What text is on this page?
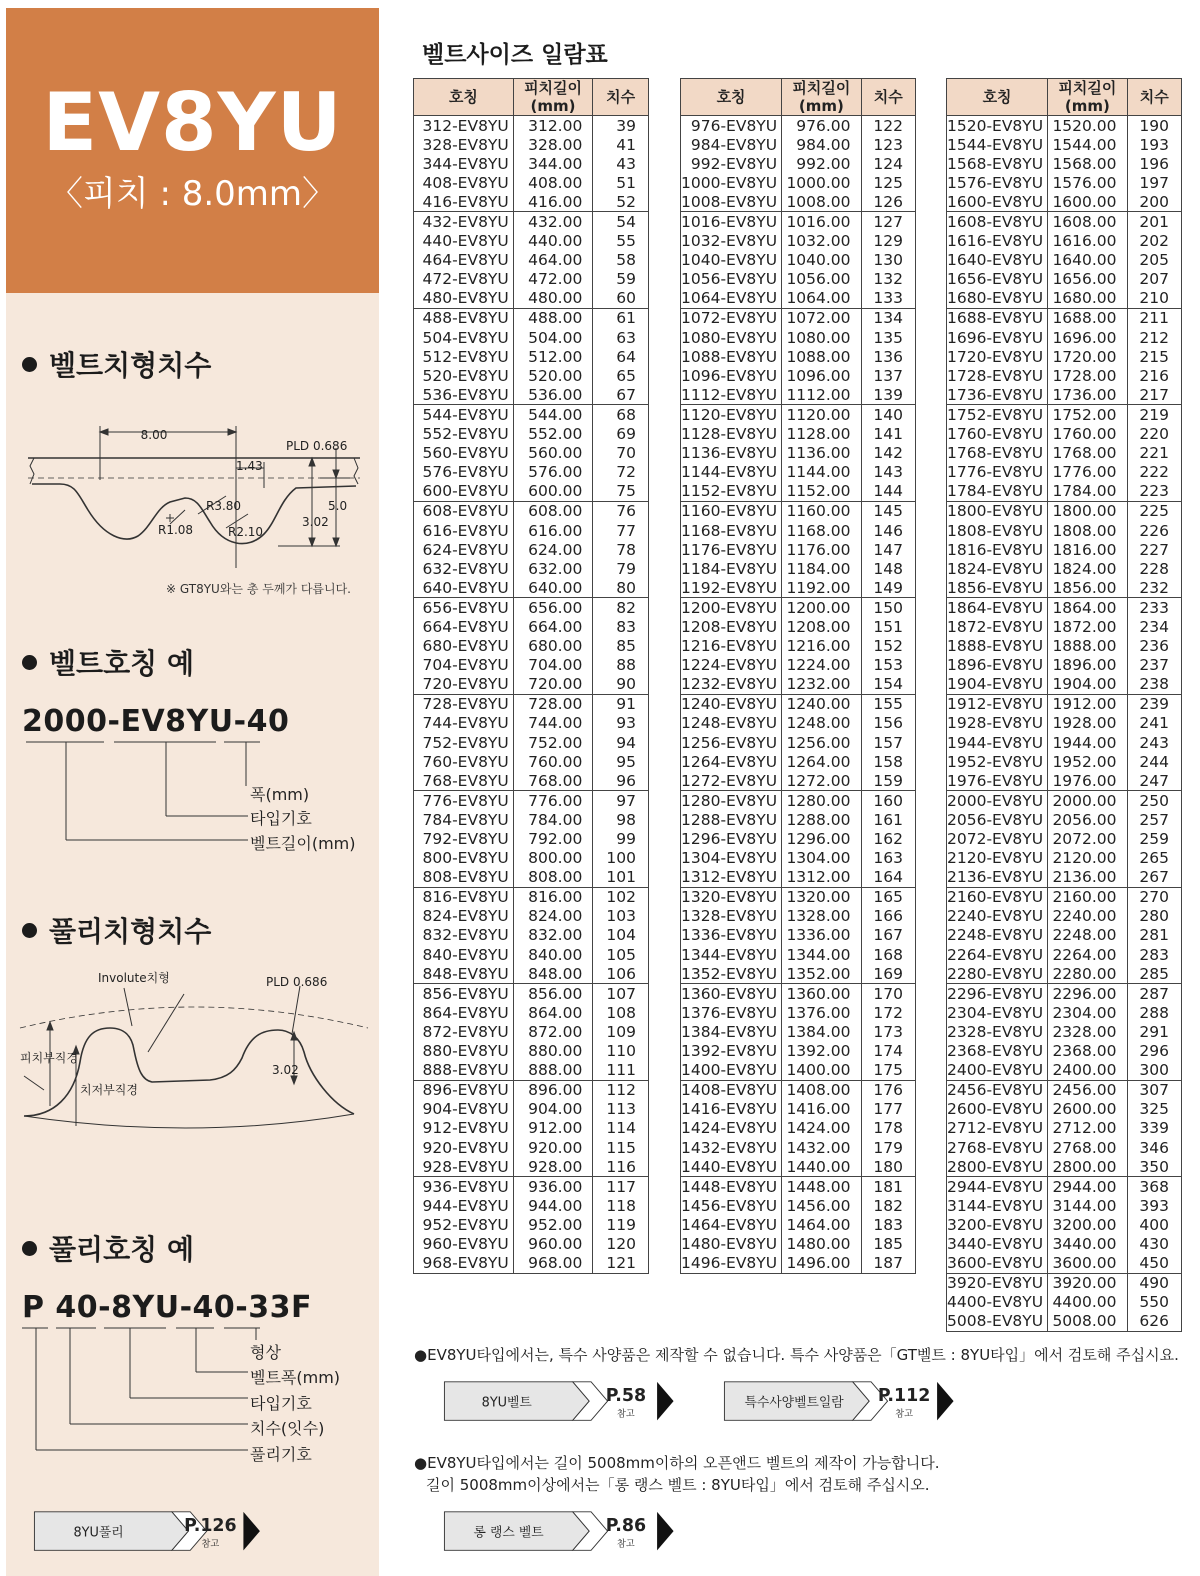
EV8YU
〈피치 : 8.0mm〉
벨트치형치수
8.00
PLD 0.686
1.43
R3.80
R1.08	R2.10
5.0
3.02
※ GT8YU와는 총 두께가 다릅니다.
벨트호칭 예
2000-EV8YU-40
폭(mm)
타입기호
벨트길이(mm)
풀리치형치수
Involute치형	PLD 0.686
피치부직경
치저부직경
3.02
풀리호칭 예
P 40-8YU-40-33F
형상
벨트폭(mm)
타입기호
치수(잇수)
풀리기호
8YU풀리	P.126
참고
벨트사이즈 일람표
호칭	피치길이(mm)	치수
312-EV8YU	312.00	39
328-EV8YU	328.00	41
344-EV8YU	344.00	43
408-EV8YU	408.00	51
416-EV8YU	416.00	52
432-EV8YU	432.00	54
440-EV8YU	440.00	55
464-EV8YU	464.00	58
472-EV8YU	472.00	59
480-EV8YU	480.00	60
488-EV8YU	488.00	61
504-EV8YU	504.00	63
512-EV8YU	512.00	64
520-EV8YU	520.00	65
536-EV8YU	536.00	67
544-EV8YU	544.00	68
552-EV8YU	552.00	69
560-EV8YU	560.00	70
576-EV8YU	576.00	72
600-EV8YU	600.00	75
608-EV8YU	608.00	76
616-EV8YU	616.00	77
624-EV8YU	624.00	78
632-EV8YU	632.00	79
640-EV8YU	640.00	80
656-EV8YU	656.00	82
664-EV8YU	664.00	83
680-EV8YU	680.00	85
704-EV8YU	704.00	88
720-EV8YU	720.00	90
728-EV8YU	728.00	91
744-EV8YU	744.00	93
752-EV8YU	752.00	94
760-EV8YU	760.00	95
768-EV8YU	768.00	96
776-EV8YU	776.00	97
784-EV8YU	784.00	98
792-EV8YU	792.00	99
800-EV8YU	800.00	100
808-EV8YU	808.00	101
816-EV8YU	816.00	102
824-EV8YU	824.00	103
832-EV8YU	832.00	104
840-EV8YU	840.00	105
848-EV8YU	848.00	106
856-EV8YU	856.00	107
864-EV8YU	864.00	108
872-EV8YU	872.00	109
880-EV8YU	880.00	110
888-EV8YU	888.00	111
896-EV8YU	896.00	112
904-EV8YU	904.00	113
912-EV8YU	912.00	114
920-EV8YU	920.00	115
928-EV8YU	928.00	116
936-EV8YU	936.00	117
944-EV8YU	944.00	118
952-EV8YU	952.00	119
960-EV8YU	960.00	120
968-EV8YU	968.00	121
호칭	피치길이(mm)	치수
976-EV8YU	976.00	122
984-EV8YU	984.00	123
992-EV8YU	992.00	124
1000-EV8YU	1000.00	125
1008-EV8YU	1008.00	126
1016-EV8YU	1016.00	127
1032-EV8YU	1032.00	129
1040-EV8YU	1040.00	130
1056-EV8YU	1056.00	132
1064-EV8YU	1064.00	133
1072-EV8YU	1072.00	134
1080-EV8YU	1080.00	135
1088-EV8YU	1088.00	136
1096-EV8YU	1096.00	137
1112-EV8YU	1112.00	139
1120-EV8YU	1120.00	140
1128-EV8YU	1128.00	141
1136-EV8YU	1136.00	142
1144-EV8YU	1144.00	143
1152-EV8YU	1152.00	144
1160-EV8YU	1160.00	145
1168-EV8YU	1168.00	146
1176-EV8YU	1176.00	147
1184-EV8YU	1184.00	148
1192-EV8YU	1192.00	149
1200-EV8YU	1200.00	150
1208-EV8YU	1208.00	151
1216-EV8YU	1216.00	152
1224-EV8YU	1224.00	153
1232-EV8YU	1232.00	154
1240-EV8YU	1240.00	155
1248-EV8YU	1248.00	156
1256-EV8YU	1256.00	157
1264-EV8YU	1264.00	158
1272-EV8YU	1272.00	159
1280-EV8YU	1280.00	160
1288-EV8YU	1288.00	161
1296-EV8YU	1296.00	162
1304-EV8YU	1304.00	163
1312-EV8YU	1312.00	164
1320-EV8YU	1320.00	165
1328-EV8YU	1328.00	166
1336-EV8YU	1336.00	167
1344-EV8YU	1344.00	168
1352-EV8YU	1352.00	169
1360-EV8YU	1360.00	170
1376-EV8YU	1376.00	172
1384-EV8YU	1384.00	173
1392-EV8YU	1392.00	174
1400-EV8YU	1400.00	175
1408-EV8YU	1408.00	176
1416-EV8YU	1416.00	177
1424-EV8YU	1424.00	178
1432-EV8YU	1432.00	179
1440-EV8YU	1440.00	180
1448-EV8YU	1448.00	181
1456-EV8YU	1456.00	182
1464-EV8YU	1464.00	183
1480-EV8YU	1480.00	185
1496-EV8YU	1496.00	187
호칭	피치길이(mm)	치수
1520-EV8YU	1520.00	190
1544-EV8YU	1544.00	193
1568-EV8YU	1568.00	196
1576-EV8YU	1576.00	197
1600-EV8YU	1600.00	200
1608-EV8YU	1608.00	201
1616-EV8YU	1616.00	202
1640-EV8YU	1640.00	205
1656-EV8YU	1656.00	207
1680-EV8YU	1680.00	210
1688-EV8YU	1688.00	211
1696-EV8YU	1696.00	212
1720-EV8YU	1720.00	215
1728-EV8YU	1728.00	216
1736-EV8YU	1736.00	217
1752-EV8YU	1752.00	219
1760-EV8YU	1760.00	220
1768-EV8YU	1768.00	221
1776-EV8YU	1776.00	222
1784-EV8YU	1784.00	223
1800-EV8YU	1800.00	225
1808-EV8YU	1808.00	226
1816-EV8YU	1816.00	227
1824-EV8YU	1824.00	228
1856-EV8YU	1856.00	232
1864-EV8YU	1864.00	233
1872-EV8YU	1872.00	234
1888-EV8YU	1888.00	236
1896-EV8YU	1896.00	237
1904-EV8YU	1904.00	238
1912-EV8YU	1912.00	239
1928-EV8YU	1928.00	241
1944-EV8YU	1944.00	243
1952-EV8YU	1952.00	244
1976-EV8YU	1976.00	247
2000-EV8YU	2000.00	250
2056-EV8YU	2056.00	257
2072-EV8YU	2072.00	259
2120-EV8YU	2120.00	265
2136-EV8YU	2136.00	267
2160-EV8YU	2160.00	270
2240-EV8YU	2240.00	280
2248-EV8YU	2248.00	281
2264-EV8YU	2264.00	283
2280-EV8YU	2280.00	285
2296-EV8YU	2296.00	287
2304-EV8YU	2304.00	288
2328-EV8YU	2328.00	291
2368-EV8YU	2368.00	296
2400-EV8YU	2400.00	300
2456-EV8YU	2456.00	307
2600-EV8YU	2600.00	325
2712-EV8YU	2712.00	339
2768-EV8YU	2768.00	346
2800-EV8YU	2800.00	350
2944-EV8YU	2944.00	368
3144-EV8YU	3144.00	393
3200-EV8YU	3200.00	400
3440-EV8YU	3440.00	430
3600-EV8YU	3600.00	450
3920-EV8YU	3920.00	490
4400-EV8YU	4400.00	550
5008-EV8YU	5008.00	626
●EV8YU타입에서는, 특수 사양품은 제작할 수 없습니다. 특수 사양품은「GT벨트 : 8YU타입」에서 검토해 주십시요.
8YU벨트	P.58
참고
특수사양벨트일람 P.112
참고
●EV8YU타입에서는 길이 5008mm이하의 오픈앤드 벨트의 제작이 가능합니다.
길이 5008mm이상에서는「롱 랭스 벨트 : 8YU타입」에서 검토해 주십시오.
롱 랭스 벨트	P.86
참고
